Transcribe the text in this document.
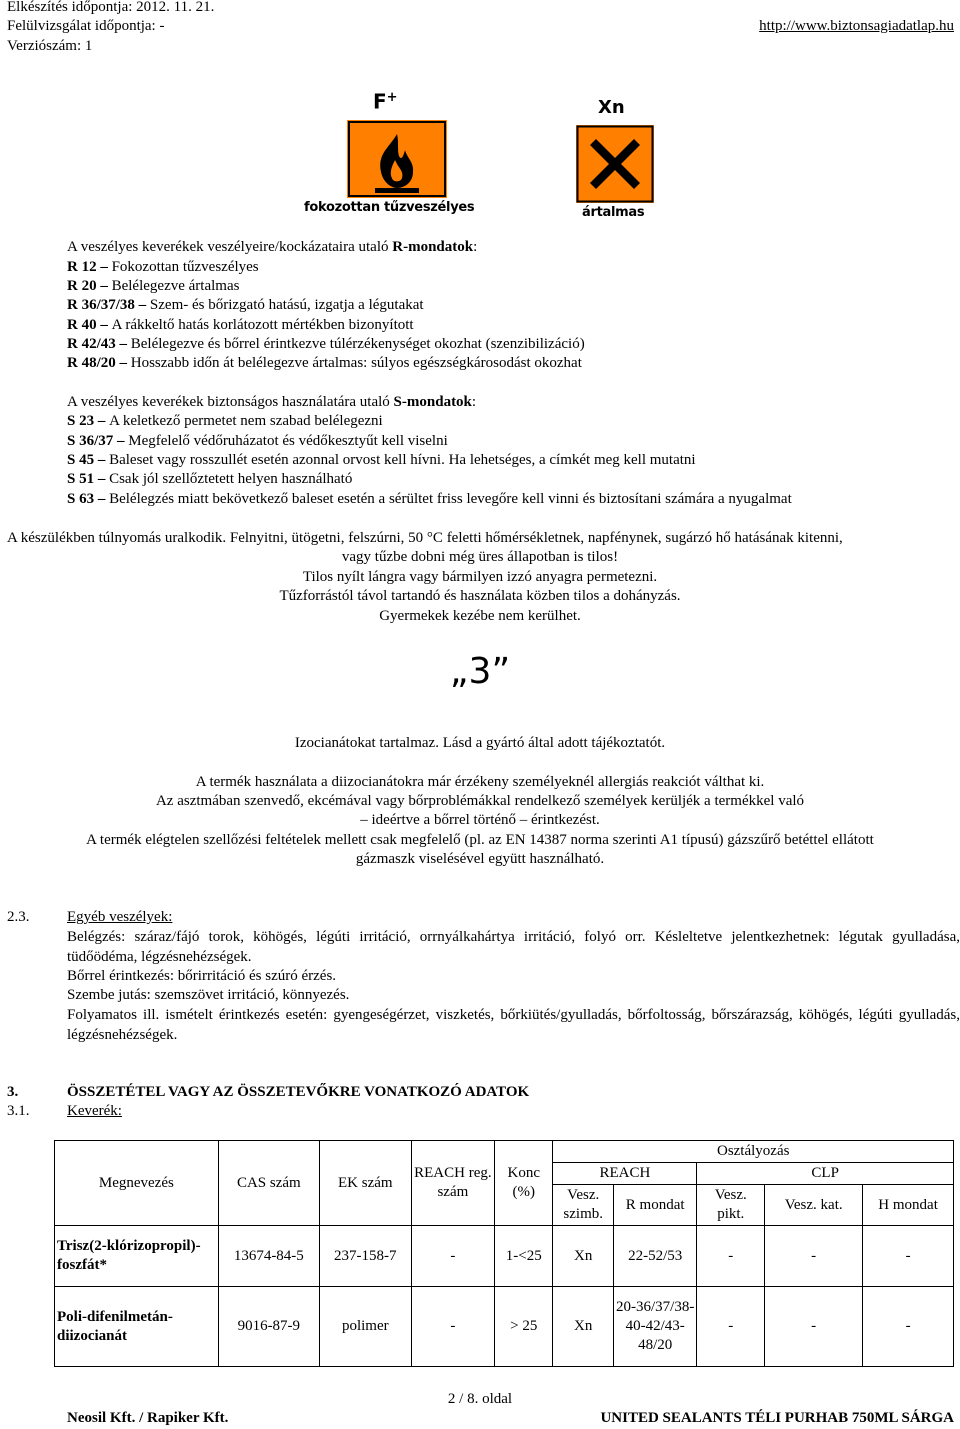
Elkészítés időpontja: 2012. 11. 21.
Felülvizsgálat időpontja: -
Verziószám: 1
http://www.biztonsagiadatlap.hu
F+
fokozottan tűzveszélyes
Xn
ártalmas
A veszélyes keverékek veszélyeire/kockázataira utaló R-mondatok:
R 12 – Fokozottan tűzveszélyes
R 20 – Belélegezve ártalmas
R 36/37/38 – Szem- és bőrizgató hatású, izgatja a légutakat
R 40 – A rákkeltő hatás korlátozott mértékben bizonyított
R 42/43 – Belélegezve és bőrrel érintkezve túlérzékenységet okozhat (szenzibilizáció)
R 48/20 – Hosszabb időn át belélegezve ártalmas: súlyos egészségkárosodást okozhat
A veszélyes keverékek biztonságos használatára utaló S-mondatok:
S 23 – A keletkező permetet nem szabad belélegezni
S 36/37 – Megfelelő védőruházatot és védőkesztyűt kell viselni
S 45 – Baleset vagy rosszullét esetén azonnal orvost kell hívni. Ha lehetséges, a címkét meg kell mutatni
S 51 – Csak jól szellőztetett helyen használható
S 63 – Belélegzés miatt bekövetkező baleset esetén a sérültet friss levegőre kell vinni és biztosítani számára a nyugalmat
A készülékben túlnyomás uralkodik. Felnyitni, ütögetni, felszúrni, 50 °C feletti hőmérsékletnek, napfénynek, sugárzó hő hatásának kitenni,
vagy tűzbe dobni még üres állapotban is tilos!
Tilos nyílt lángra vagy bármilyen izzó anyagra permetezni.
Tűzforrástól távol tartandó és használata közben tilos a dohányzás.
Gyermekek kezébe nem kerülhet.
„3”
Izocianátokat tartalmaz. Lásd a gyártó által adott tájékoztatót.
A termék használata a diizocianátokra már érzékeny személyeknél allergiás reakciót válthat ki.
Az asztmában szenvedő, ekcémával vagy bőrproblémákkal rendelkező személyek kerüljék a termékkel való
– ideértve a bőrrel történő – érintkezést.
A termék elégtelen szellőzési feltételek mellett csak megfelelő (pl. az EN 14387 norma szerinti A1 típusú) gázszűrő betéttel ellátott
gázmaszk viselésével együtt használható.
2.3.	Egyéb veszélyek:
Belégzés: száraz/fájó torok, köhögés, légúti irritáció, orrnyálkahártya irritáció, folyó orr. Késleltetve jelentkezhetnek: légutak gyulladása, tüdőödéma, légzésnehézségek.
Bőrrel érintkezés: bőrirritáció és szúró érzés.
Szembe jutás: szemszövet irritáció, könnyezés.
Folyamatos ill. ismételt érintkezés esetén: gyengeségérzet, viszketés, bőrkiütés/gyulladás, bőrfoltosság, bőrszárazság, köhögés, légúti gyulladás, légzésnehézségek.
3.	ÖSSZETÉTEL VAGY AZ ÖSSZETEVŐKRE VONATKOZÓ ADATOK
3.1.	Keverék:
Megnevezés	CAS szám	EK szám	REACH reg. szám	Konc (%)	Osztályozás				
					REACH		CLP		
					Vesz. szimb.	R mondat	Vesz. pikt.	Vesz. kat.	H mondat
Trisz(2-klórizopropil)-foszfát*	13674-84-5	237-158-7	-	1-<25	Xn	22-52/53	-	-	-
Poli-difenilmetán-diizocianát	9016-87-9	polimer	-	> 25	Xn	20-36/37/38-40-42/43-48/20	-	-	-
2 / 8. oldal
Neosil Kft. / Rapiker Kft.	UNITED SEALANTS TÉLI PURHAB 750ML SÁRGA
